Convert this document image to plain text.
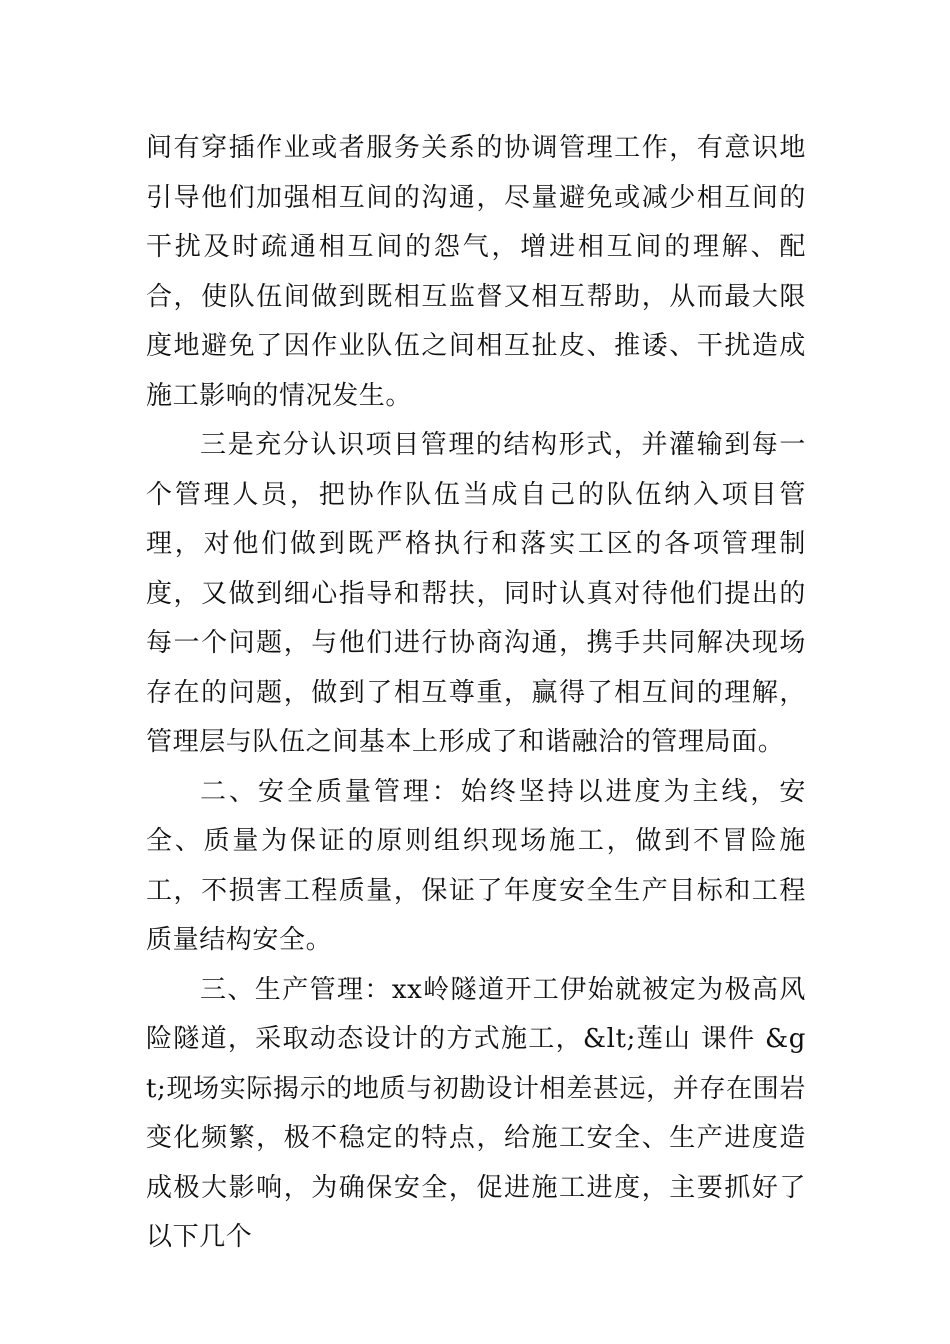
间有穿插作业或者服务关系的协调管理工作，有意识地引导他们加强相互间的沟通，尽量避免或减少相互间的干扰及时疏通相互间的怨气，增进相互间的理解、配合，使队伍间做到既相互监督又相互帮助，从而最大限度地避免了因作业队伍之间相互扯皮、推诿、干扰造成施工影响的情况发生。

三是充分认识项目管理的结构形式，并灌输到每一个管理人员，把协作队伍当成自己的队伍纳入项目管理，对他们做到既严格执行和落实工区的各项管理制度，又做到细心指导和帮扶，同时认真对待他们提出的每一个问题，与他们进行协商沟通，携手共同解决现场存在的问题，做到了相互尊重，赢得了相互间的理解，管理层与队伍之间基本上形成了和谐融洽的管理局面。

二、安全质量管理：始终坚持以进度为主线，安全、质量为保证的原则组织现场施工，做到不冒险施工，不损害工程质量，保证了年度安全生产目标和工程质量结构安全。

三、生产管理：xx岭隧道开工伊始就被定为极高风险隧道，采取动态设计的方式施工，&lt;莲山 课件 &gt;现场实际揭示的地质与初勘设计相差甚远，并存在围岩变化频繁，极不稳定的特点，给施工安全、生产进度造成极大影响，为确保安全，促进施工进度，主要抓好了以下几个
